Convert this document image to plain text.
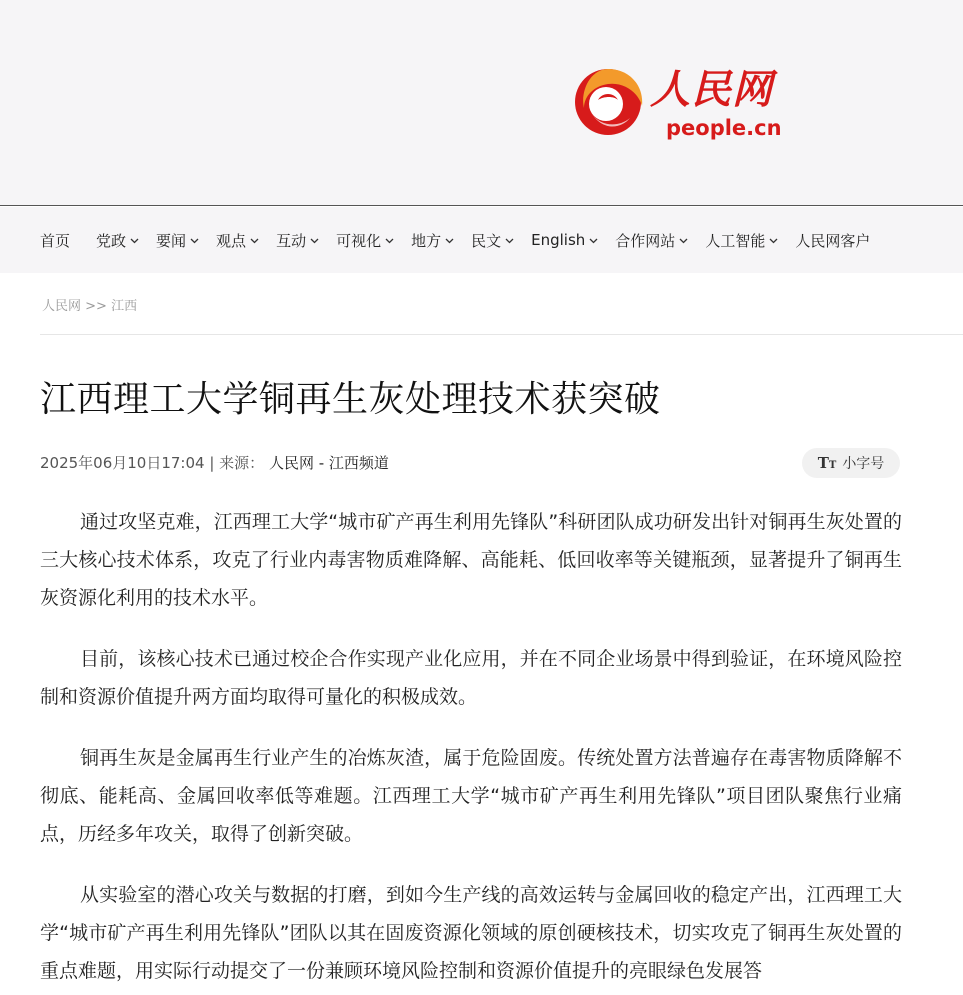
人民网
people.cn
首页 党政 要闻 观点 互动 可视化 地方 民文 English 合作网站 人工智能 人民网客户
人民网 >> 江西
江西理工大学铜再生灰处理技术获突破
2025年06月10日17:04 | 来源： 人民网 - 江西频道	TT 小字号

通过攻坚克难，江西理工大学“城市矿产再生利用先锋队”科研团队成功研发出针对铜再生灰处置的三大核心技术体系，攻克了行业内毒害物质难降解、高能耗、低回收率等关键瓶颈，显著提升了铜再生灰资源化利用的技术水平。

目前，该核心技术已通过校企合作实现产业化应用，并在不同企业场景中得到验证，在环境风险控制和资源价值提升两方面均取得可量化的积极成效。

铜再生灰是金属再生行业产生的冶炼灰渣，属于危险固废。传统处置方法普遍存在毒害物质降解不彻底、能耗高、金属回收率低等难题。江西理工大学“城市矿产再生利用先锋队”项目团队聚焦行业痛点，历经多年攻关，取得了创新突破。

从实验室的潜心攻关与数据的打磨，到如今生产线的高效运转与金属回收的稳定产出，江西理工大学“城市矿产再生利用先锋队”团队以其在固废资源化领域的原创硬核技术，切实攻克了铜再生灰处置的重点难题，用实际行动提交了一份兼顾环境风险控制和资源价值提升的亮眼绿色发展答
